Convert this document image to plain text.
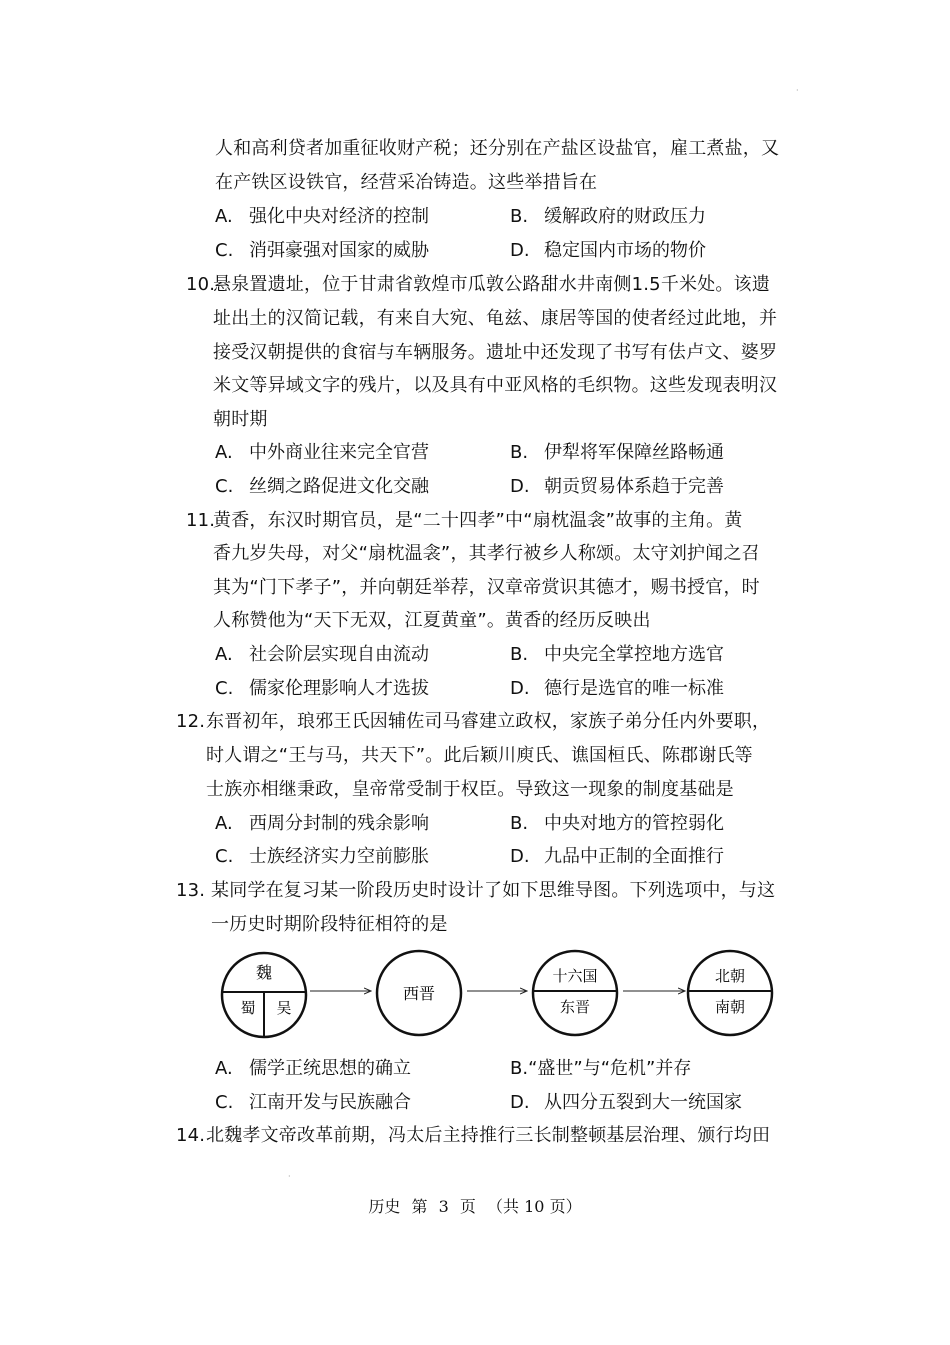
人和高利贷者加重征收财产税；还分别在产盐区设盐官，雇工煮盐，又
在产铁区设铁官，经营采冶铸造。这些举措旨在
A. 强化中央对经济的控制	B. 缓解政府的财政压力
C. 消弭豪强对国家的威胁	D. 稳定国内市场的物价
10.
悬泉置遗址，位于甘肃省敦煌市瓜敦公路甜水井南侧1.5千米处。该遗
址出土的汉简记载，有来自大宛、龟兹、康居等国的使者经过此地，并
接受汉朝提供的食宿与车辆服务。遗址中还发现了书写有佉卢文、婆罗
米文等异域文字的残片，以及具有中亚风格的毛织物。这些发现表明汉
朝时期
A. 中外商业往来完全官营	B. 伊犁将军保障丝路畅通
C. 丝绸之路促进文化交融	D. 朝贡贸易体系趋于完善
11.
黄香，东汉时期官员，是“二十四孝”中“扇枕温衾”故事的主角。黄
香九岁失母，对父“扇枕温衾”，其孝行被乡人称颂。太守刘护闻之召
其为“门下孝子”，并向朝廷举荐，汉章帝赏识其德才，赐书授官，时
人称赞他为“天下无双，江夏黄童”。黄香的经历反映出
A. 社会阶层实现自由流动	B. 中央完全掌控地方选官
C. 儒家伦理影响人才选拔	D. 德行是选官的唯一标准
12. 东晋初年，琅邪王氏因辅佐司马睿建立政权，家族子弟分任内外要职，
时人谓之“王与马，共天下”。此后颖川庾氏、谯国桓氏、陈郡谢氏等
士族亦相继秉政，皇帝常受制于权臣。导致这一现象的制度基础是
A. 西周分封制的残余影响	B. 中央对地方的管控弱化
C. 士族经济实力空前膨胀	D. 九品中正制的全面推行
13. 某同学在复习某一阶段历史时设计了如下思维导图。下列选项中，与这
一历史时期阶段特征相符的是
魏
蜀 吴
西晋
十六国
东晋
北朝
南朝
A. 儒学正统思想的确立	B.“盛世”与“危机”并存
C. 江南开发与民族融合	D. 从四分五裂到大一统国家
14. 北魏孝文帝改革前期，冯太后主持推行三长制整顿基层治理、颁行均田
·
·
历史 第 3 页 （共 10 页）
